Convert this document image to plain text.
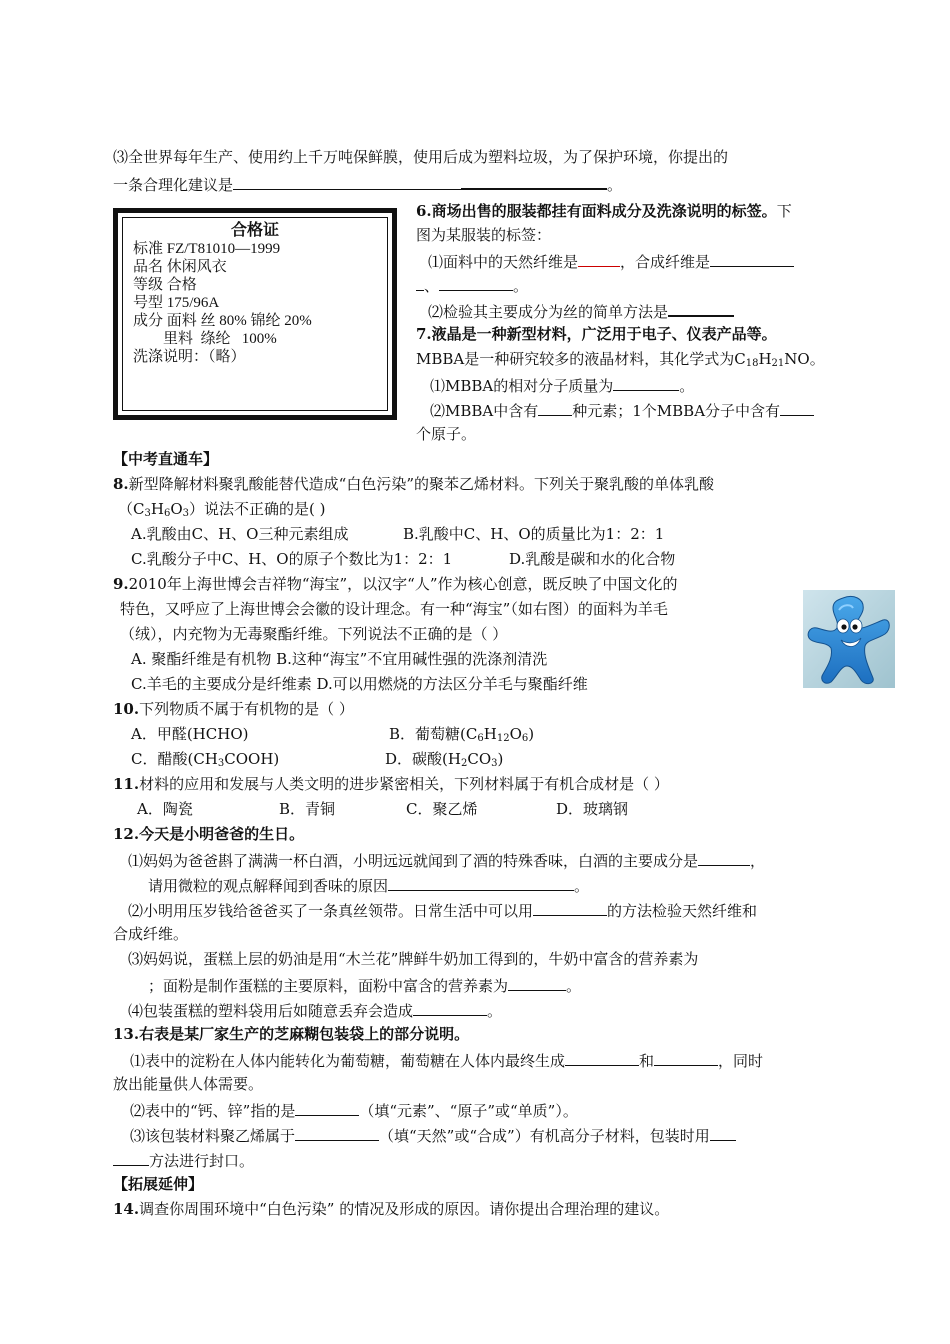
⑶全世界每年生产、使用约上千万吨保鲜膜，使用后成为塑料垃圾，为了保护环境，你提出的
一条合理化建议是	。
合格证
标准 FZ/T81010—1999
品名 休闲风衣
等级 合格
号型 175/96A
成分 面料 丝 80% 锦纶 20%
里料  绦纶   100%
洗涤说明：（略）
6.商场出售的服装都挂有面料成分及洗涤说明的标签。下
图为某服装的标签：
⑴面料中的天然纤维是	，合成纤维是
、	。
⑵检验其主要成分为丝的简单方法是
7.液晶是一种新型材料，广泛用于电子、仪表产品等。
MBBA是一种研究较多的液晶材料，其化学式为$C_{18}H_{21}NO$。
⑴MBBA的相对分子质量为	。
⑵MBBA中含有 种元素；1个MBBA分子中含有
个原子。
【中考直通车】
8.新型降解材料聚乳酸能替代造成“白色污染”的聚苯乙烯材料。下列关于聚乳酸的单体乳酸
$(C_3H_6O_3)$说法不正确的是( )
A.乳酸由C、H、O三种元素组成	B.乳酸中C、H、O的质量比为1：2：1
C.乳酸分子中C、H、O的原子个数比为1：2：1	D.乳酸是碳和水的化合物
9.2010年上海世博会吉祥物“海宝”，以汉字“人”作为核心创意，既反映了中国文化的
特色，又呼应了上海世博会会徽的设计理念。有一种“海宝”（如右图）的面料为羊毛
（绒），内充物为无毒聚酯纤维。下列说法不正确的是（ ）
A. 聚酯纤维是有机物 B.这种“海宝”不宜用碱性强的洗涤剂清洗
C.羊毛的主要成分是纤维素 D.可以用燃烧的方法区分羊毛与聚酯纤维
10.下列物质不属于有机物的是（ ）
A．甲醛(HCHO)	B．葡萄糖$(C_6H_{12}O_6)$
C．醋酸$(CH_3COOH)$	D．碳酸$(H_2CO_3)$
11.材料的应用和发展与人类文明的进步紧密相关，下列材料属于有机合成材是（ ）
A．陶瓷	B．青铜	C．聚乙烯	D．玻璃钢
12.今天是小明爸爸的生日。
⑴妈妈为爸爸斟了满满一杯白酒，小明远远就闻到了酒的特殊香味，白酒的主要成分是	，
请用微粒的观点解释闻到香味的原因	。
⑵小明用压岁钱给爸爸买了一条真丝领带。日常生活中可以用	的方法检验天然纤维和
合成纤维。
⑶妈妈说，蛋糕上层的奶油是用“木兰花”牌鲜牛奶加工得到的，牛奶中富含的营养素为
；面粉是制作蛋糕的主要原料，面粉中富含的营养素为	。
⑷包装蛋糕的塑料袋用后如随意丢弃会造成	。
13.右表是某厂家生产的芝麻糊包装袋上的部分说明。
⑴表中的淀粉在人体内能转化为葡萄糖，葡萄糖在人体内最终生成	和	，同时
放出能量供人体需要。
⑵表中的“钙、锌”指的是	（填“元素”、“原子”或“单质”）。
⑶该包装材料聚乙烯属于	（填“天然”或“合成”）有机高分子材料，包装时用
方法进行封口。
【拓展延伸】
14.调查你周围环境中“白色污染” 的情况及形成的原因。请你提出合理治理的建议。
